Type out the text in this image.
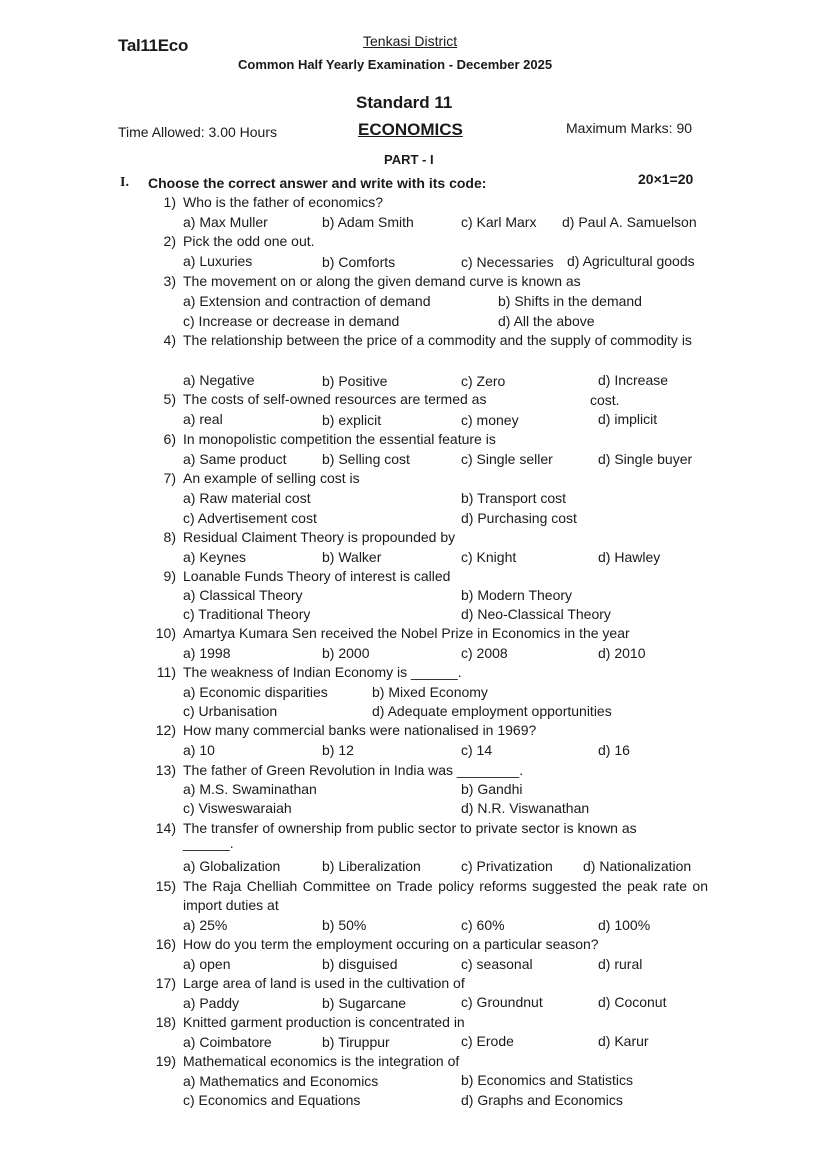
Tal11Eco	Tenkasi District
Common Half Yearly Examination - December 2025
Standard 11
Time Allowed: 3.00 Hours	ECONOMICS	Maximum Marks: 90
PART - I
I. Choose the correct answer and write with its code:	20×1=20
1) Who is the father of economics?
a) Max Muller	b) Adam Smith	c) Karl Marx d) Paul A. Samuelson
2) Pick the odd one out.
a) Luxuries	b) Comforts	c) Necessaries d) Agricultural goods
3) The movement on or along the given demand curve is known as
a) Extension and contraction of demand	b) Shifts in the demand
c) Increase or decrease in demand	d) All the above
4) The relationship between the price of a commodity and the supply of commodity is
a) Negative	b) Positive	c) Zero	d) Increase
5) The costs of self-owned resources are termed as	cost.
a) real	b) explicit	c) money	d) implicit
6) In monopolistic competition the essential feature is
a) Same product	b) Selling cost	c) Single seller	d) Single buyer
7) An example of selling cost is
a) Raw material cost	b) Transport cost
c) Advertisement cost	d) Purchasing cost
8) Residual Claiment Theory is propounded by
a) Keynes	b) Walker	c) Knight	d) Hawley
9) Loanable Funds Theory of interest is called
a) Classical Theory	b) Modern Theory
c) Traditional Theory	d) Neo-Classical Theory
10) Amartya Kumara Sen received the Nobel Prize in Economics in the year
a) 1998	b) 2000	c) 2008	d) 2010
11) The weakness of Indian Economy is ______.
a) Economic disparities	b) Mixed Economy
c) Urbanisation	d) Adequate employment opportunities
12) How many commercial banks were nationalised in 1969?
a) 10	b) 12	c) 14	d) 16
13) The father of Green Revolution in India was ________.
a) M.S. Swaminathan	b) Gandhi
c) Visweswaraiah	d) N.R. Viswanathan
14) The transfer of ownership from public sector to private sector is known as
______.
a) Globalization	b) Liberalization	c) Privatization d) Nationalization
15) The Raja Chelliah Committee on Trade policy reforms suggested the peak rate on import duties at
a) 25%	b) 50%	c) 60%	d) 100%
16) How do you term the employment occuring on a particular season?
a) open	b) disguised	c) seasonal	d) rural
17) Large area of land is used in the cultivation of
a) Paddy	b) Sugarcane	c) Groundnut	d) Coconut
18) Knitted garment production is concentrated in
a) Coimbatore	b) Tiruppur	c) Erode	d) Karur
19) Mathematical economics is the integration of
a) Mathematics and Economics	b) Economics and Statistics
c) Economics and Equations	d) Graphs and Economics
